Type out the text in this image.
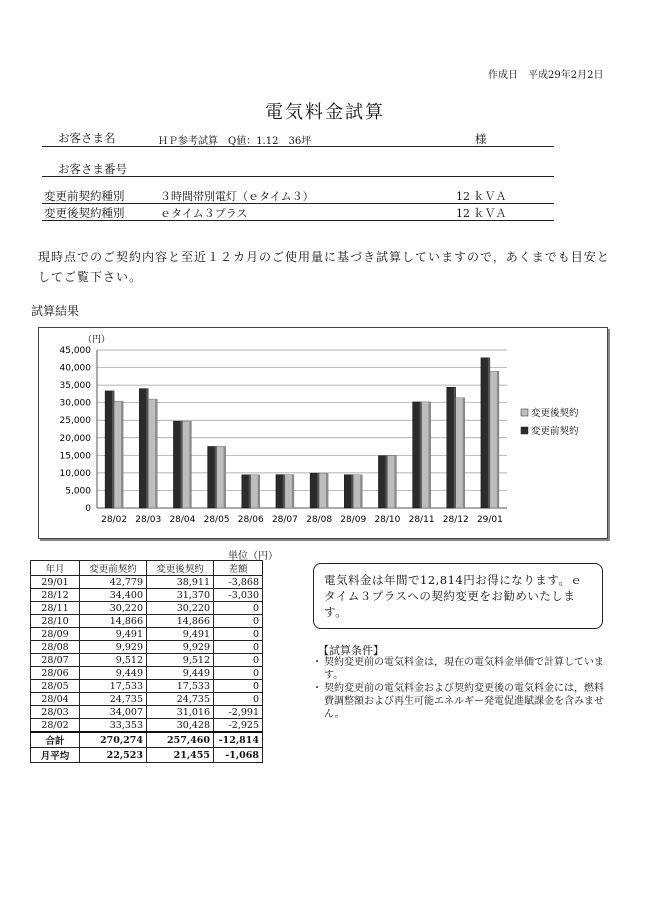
作成日　平成29年2月2日
電気料金試算
お客さま名	ＨＰ参考試算　Q値：1.12　36坪	様
お客さま番号
変更前契約種別	３時間帯別電灯（ｅタイム３）	12 ｋＶＡ
変更後契約種別	ｅタイム３プラス	12 ｋＶＡ
現時点でのご契約内容と至近１２カ月のご使用量に基づき試算していますので，あくまでも目安としてご覧下さい。
試算結果
（円）
0
5,000
10,000
15,000
20,000
25,000
30,000
35,000
40,000
45,000
28/02 28/03 28/04 28/05 28/06 28/07 28/08 28/09 28/10 28/11 28/12 29/01
変更後契約
変更前契約
単位（円）
年月	変更前契約	変更後契約	差額
29/01	42,779	38,911	-3,868
28/12	34,400	31,370	-3,030
28/11	30,220	30,220	0
28/10	14,866	14,866	0
28/09	9,491	9,491	0
28/08	9,929	9,929	0
28/07	9,512	9,512	0
28/06	9,449	9,449	0
28/05	17,533	17,533	0
28/04	24,735	24,735	0
28/03	34,007	31,016	-2,991
28/02	33,353	30,428	-2,925
合計	270,274	257,460	-12,814
月平均	22,523	21,455	-1,068
電気料金は年間で12,814円お得になります。ｅタイム３プラスへの契約変更をお勧めいたします。
【試算条件】
・ 契約変更前の電気料金は，現在の電気料金単価で計算しています。
・ 契約変更前の電気料金および契約変更後の電気料金には，燃料費調整額および再生可能エネルギー発電促進賦課金を含みません。
